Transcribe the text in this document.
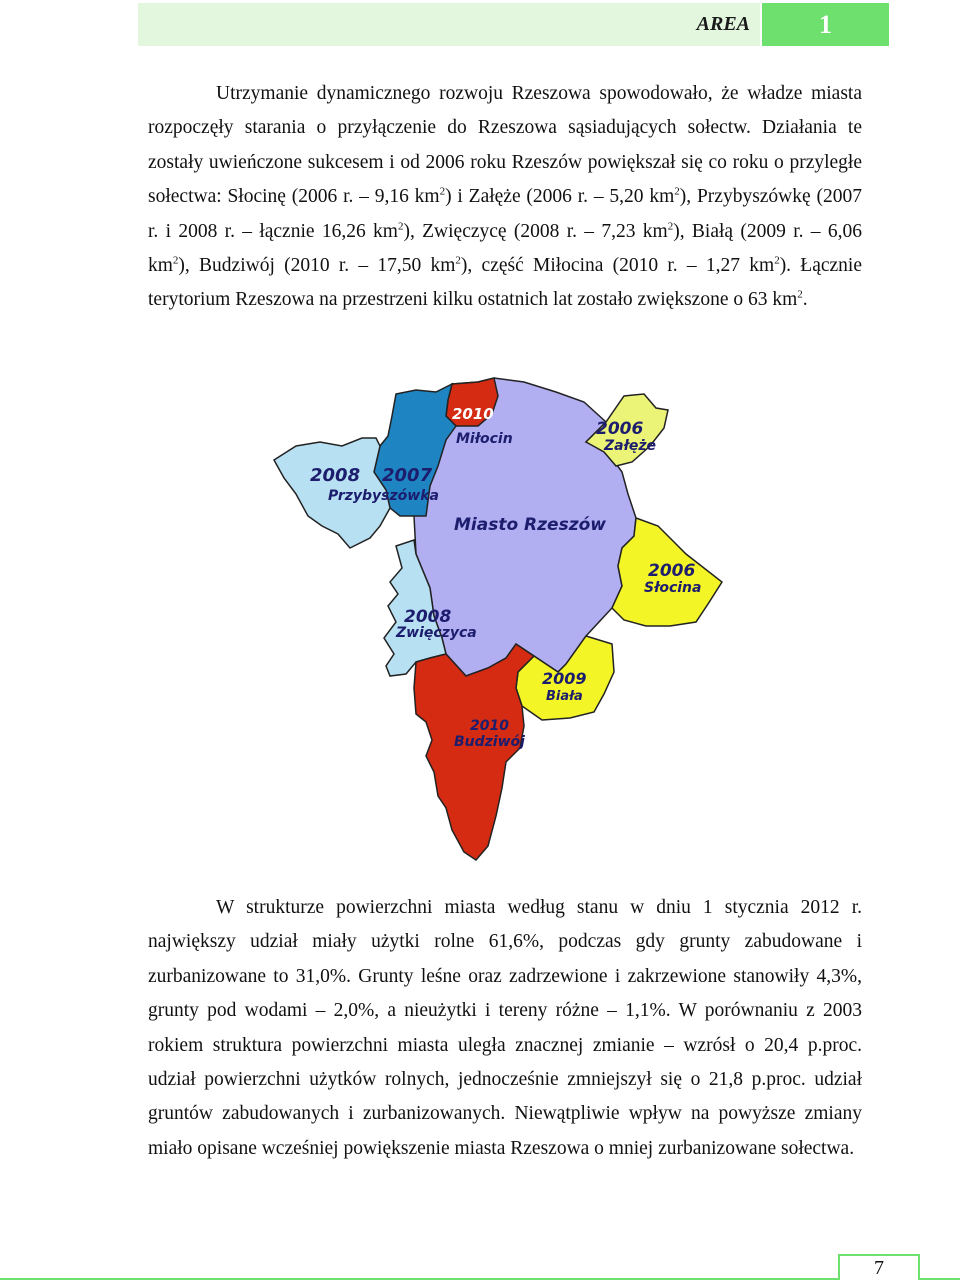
AREA	1

Utrzymanie dynamicznego rozwoju Rzeszowa spowodowało, że władze miasta rozpoczęły starania o przyłączenie do Rzeszowa sąsiadujących sołectw. Działania te zostały uwieńczone sukcesem i od 2006 roku Rzeszów powiększał się co roku o przyległe sołectwa: Słocinę (2006 r. – 9,16 $km^2$) i Załęże (2006 r. – 5,20 $km^2$), Przybyszówkę (2007 r. i 2008 r. – łącznie 16,26 $km^2$), Zwięczycę (2008 r. – 7,23 $km^2$), Białą (2009 r. – 6,06 $km^2$), Budziwój (2010 r. – 17,50 $km^2$), część Miłocina (2010 r. – 1,27 $km^2$). Łącznie terytorium Rzeszowa na przestrzeni kilku ostatnich lat zostało zwiększone o 63 $km^2$.

2010
Miłocin	2006
Załęże
2008
Przybyszówka
2007
Miasto Rzeszów
2006
Słocina
2008
Zwięczyca
2009
Biała
2010
Budziwój

W strukturze powierzchni miasta według stanu w dniu 1 stycznia 2012 r. największy udział miały użytki rolne 61,6%, podczas gdy grunty zabudowane i zurbanizowane to 31,0%. Grunty leśne oraz zadrzewione i zakrzewione stanowiły 4,3%, grunty pod wodami – 2,0%, a nieużytki i tereny różne – 1,1%. W porównaniu z 2003 rokiem struktura powierzchni miasta uległa znacznej zmianie – wzrósł o 20,4 p.proc. udział powierzchni użytków rolnych, jednocześnie zmniejszył się o 21,8 p.proc. udział gruntów zabudowanych i zurbanizowanych. Niewątpliwie wpływ na powyższe zmiany miało opisane wcześniej powiększenie miasta Rzeszowa o mniej zurbanizowane sołectwa.

7
